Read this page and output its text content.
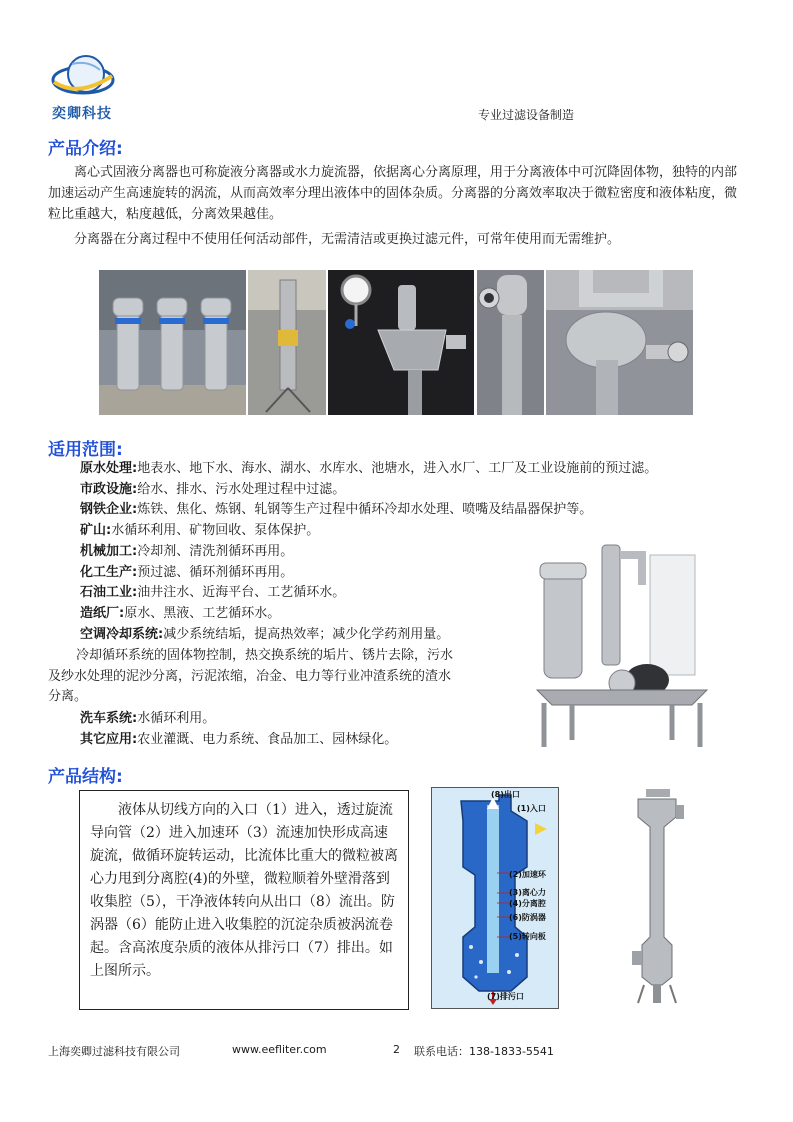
奕卿科技	专业过滤设备制造
产品介绍:

离心式固液分离器也可称旋液分离器或水力旋流器，依据离心分离原理，用于分离液体中可沉降固体物，独特的内部加速运动产生高速旋转的涡流，从而高效率分理出液体中的固体杂质。分离器的分离效率取决于微粒密度和液体粘度，微粒比重越大，粘度越低，分离效果越佳。

分离器在分离过程中不使用任何活动部件，无需清洁或更换过滤元件，可常年使用而无需维护。

适用范围:
原水处理:地表水、地下水、海水、湖水、水库水、池塘水，进入水厂、工厂及工业设施前的预过滤。
市政设施:给水、排水、污水处理过程中过滤。
钢铁企业:炼铁、焦化、炼钢、轧钢等生产过程中循环冷却水处理、喷嘴及结晶器保护等。
矿山:水循环利用、矿物回收、泵体保护。
机械加工:冷却剂、清洗剂循环再用。
化工生产:预过滤、循环剂循环再用。
石油工业:油井注水、近海平台、工艺循环水。
造纸厂:原水、黑液、工艺循环水。
空调冷却系统:减少系统结垢，提高热效率；减少化学药剂用量。
冷却循环系统的固体物控制，热交换系统的垢片、锈片去除，污水
及纱水处理的泥沙分离，污泥浓缩，冶金、电力等行业冲渣系统的渣水
分离。
洗车系统:水循环利用。
其它应用:农业灌溉、电力系统、食品加工、园林绿化。
产品结构:

液体从切线方向的入口（1）进入，透过旋流导向管（2）进入加速环（3）流速加快形成高速旋流，做循环旋转运动，比流体比重大的微粒被离心力甩到分离腔(4)的外壁，微粒顺着外壁滑落到收集腔（5），干净液体转向从出口（8）流出。防涡器（6）能防止进入收集腔的沉淀杂质被涡流卷起。含高浓度杂质的液体从排污口（7）排出。如上图所示。

(8)出口
(1)入口
(2)加速环
(3)离心力
(4)分离腔
(6)防涡器
(5)转向板
(7)排污口
上海奕卿过滤科技有限公司	www.eefliter.com	2 联系电话：138-1833-5541
